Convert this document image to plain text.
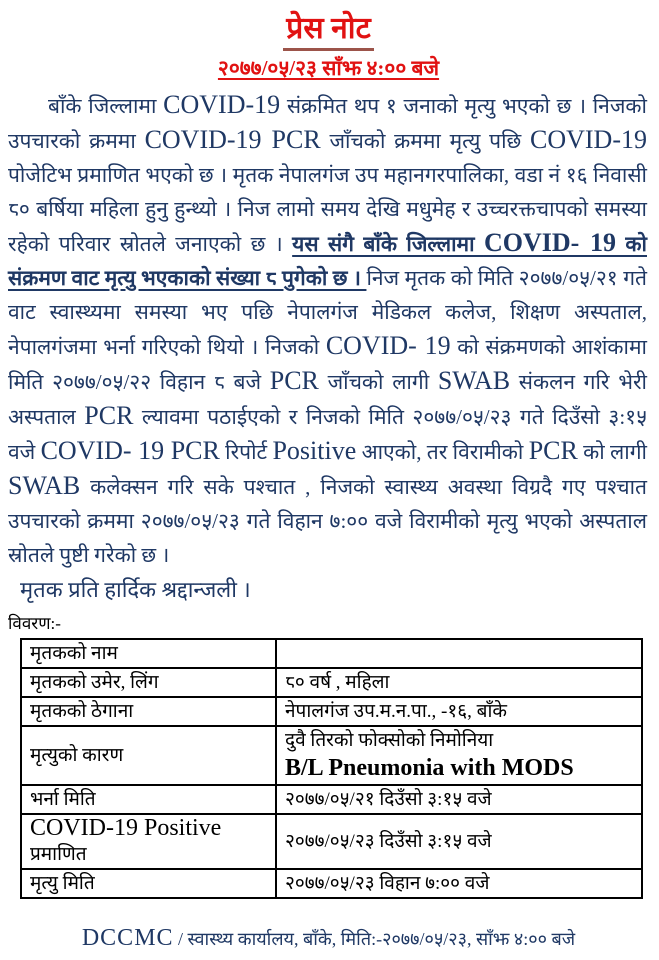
प्रेस नोट
२०७७/०५/२३ साँझ ४:०० बजे

बाँके जिल्लामा COVID-19 संक्रमित थप १ जनाको मृत्यु भएको छ । निजको उपचारको क्रममा COVID-19 PCR जाँचको क्रममा मृत्यु पछि COVID-19 पोजेटिभ प्रमाणित भएको छ । मृतक नेपालगंज उप महानगरपालिका, वडा नं १६ निवासी ८० बर्षिया महिला हुनु हुन्थ्यो । निज लामो समय देखि मधुमेह र उच्चरक्तचापको समस्या रहेको परिवार स्रोतले जनाएको छ । यस संगै बाँके जिल्लामा COVID- 19 को संक्रमण वाट मृत्यु भएकाको संख्या ८ पुगेको छ । निज मृतक को मिति २०७७/०५/२१ गते वाट स्वास्थ्यमा समस्या भए पछि नेपालगंज मेडिकल कलेज, शिक्षण अस्पताल, नेपालगंजमा भर्ना गरिएको थियो । निजको COVID- 19 को संक्रमणको आशंकामा मिति २०७७/०५/२२ विहान ८ बजे PCR जाँचको लागी SWAB संकलन गरि भेरी अस्पताल PCR ल्यावमा पठाईएको र निजको मिति २०७७/०५/२३ गते दिउँसो ३:१५ वजे COVID- 19 PCR रिपोर्ट Positive आएको, तर विरामीको PCR को लागी SWAB कलेक्सन गरि सके पश्चात , निजको स्वास्थ्य अवस्था विग्रदै गए पश्चात उपचारको क्रममा २०७७/०५/२३ गते विहान ७:०० वजे विरामीको मृत्यु भएको अस्पताल स्रोतले पुष्टी गरेको छ ।

मृतक प्रति हार्दिक श्रद्दान्जली ।

विवरण:-
मृतकको नाम	
मृतकको उमेर, लिंग	८० वर्ष , महिला
मृतकको ठेगाना	नेपालगंज उप.म.न.पा., -१६, बाँके
मृत्युको कारण	दुवै तिरको फोक्सोको निमोनिया
B/L Pneumonia with MODS

भर्ना मिति	२०७७/०५/२१ दिउँसो ३:१५ वजे
COVID-19 Positive प्रमाणित	२०७७/०५/२३ दिउँसो ३:१५ वजे
मृत्यु मिति	२०७७/०५/२३ विहान ७:०० वजे
DCCMC / स्वास्थ्य कार्यालय, बाँके, मिति:-२०७७/०५/२३, साँझ ४:०० बजे
